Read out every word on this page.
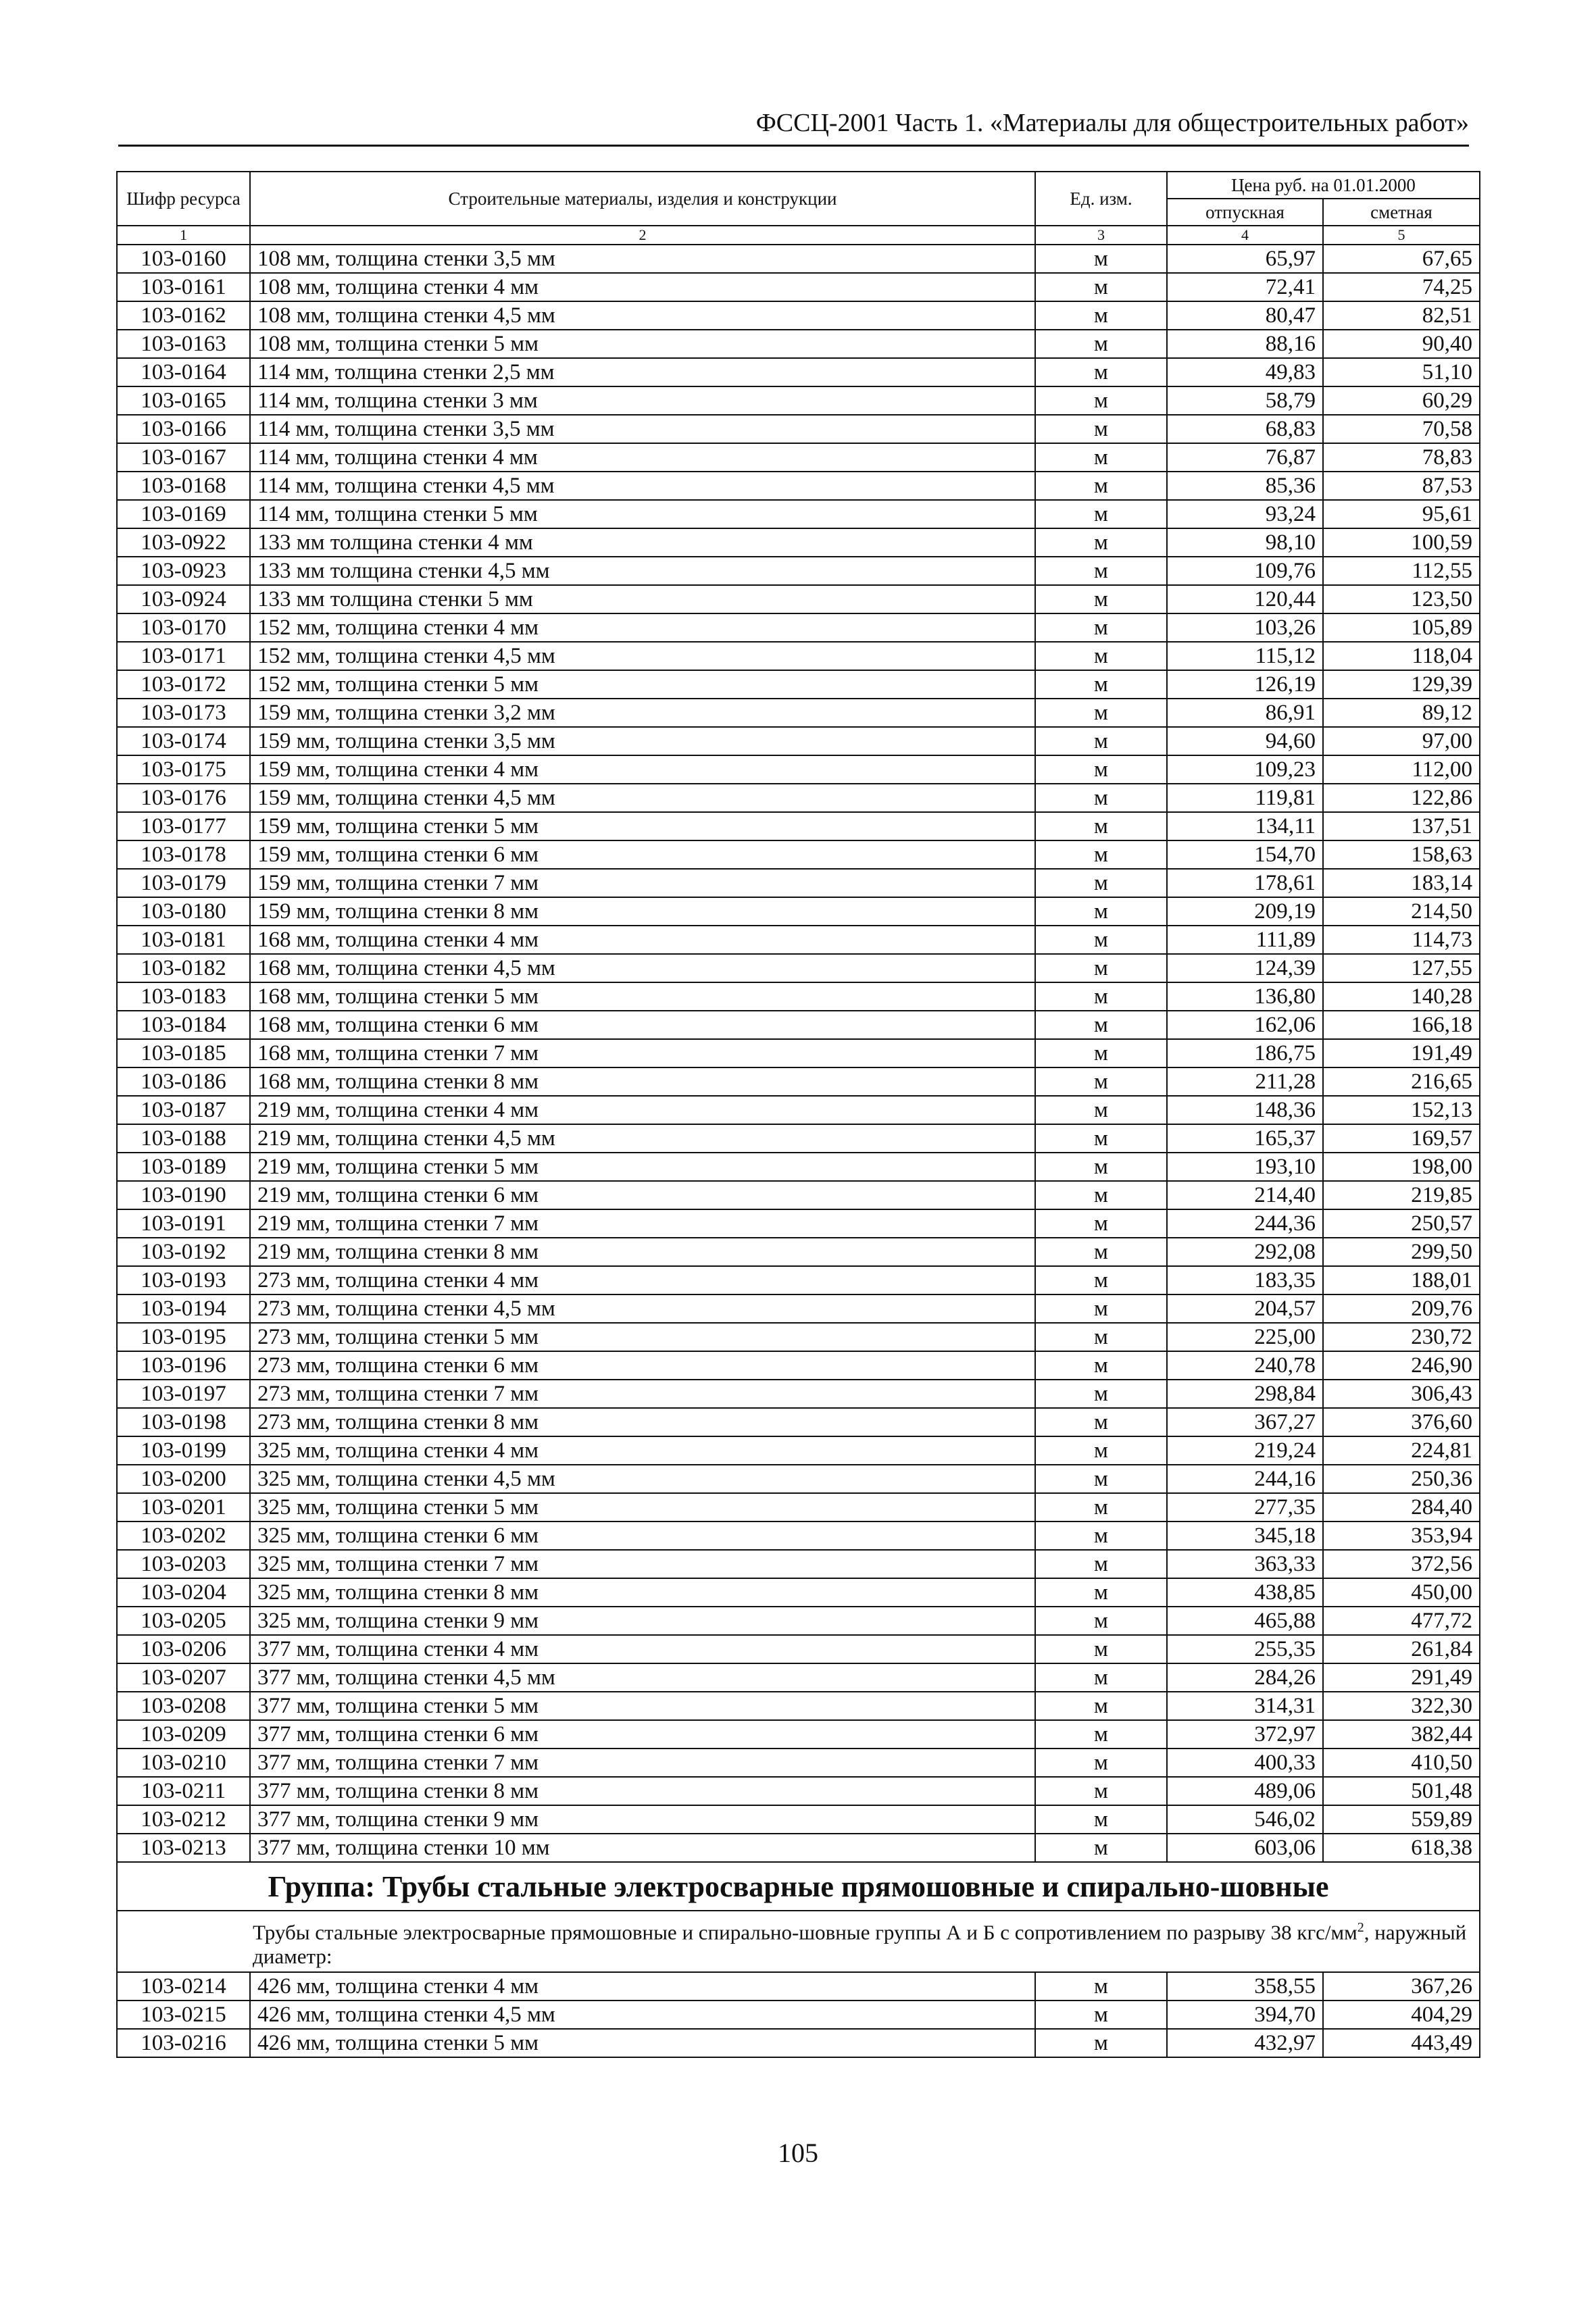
ФССЦ-2001 Часть 1. «Материалы для общестроительных работ»
Шифр ресурса	Строительные материалы, изделия и конструкции	Ед. изм.	Цена руб. на 01.01.2000	
			отпускная	сметная
1	2	3	4	5
103-0160	108 мм, толщина стенки 3,5 мм	м	65,97	67,65
103-0161	108 мм, толщина стенки 4 мм	м	72,41	74,25
103-0162	108 мм, толщина стенки 4,5 мм	м	80,47	82,51
103-0163	108 мм, толщина стенки 5 мм	м	88,16	90,40
103-0164	114 мм, толщина стенки 2,5 мм	м	49,83	51,10
103-0165	114 мм, толщина стенки 3 мм	м	58,79	60,29
103-0166	114 мм, толщина стенки 3,5 мм	м	68,83	70,58
103-0167	114 мм, толщина стенки 4 мм	м	76,87	78,83
103-0168	114 мм, толщина стенки 4,5 мм	м	85,36	87,53
103-0169	114 мм, толщина стенки 5 мм	м	93,24	95,61
103-0922	133 мм толщина стенки 4 мм	м	98,10	100,59
103-0923	133 мм толщина стенки 4,5 мм	м	109,76	112,55
103-0924	133 мм толщина стенки 5 мм	м	120,44	123,50
103-0170	152 мм, толщина стенки 4 мм	м	103,26	105,89
103-0171	152 мм, толщина стенки 4,5 мм	м	115,12	118,04
103-0172	152 мм, толщина стенки 5 мм	м	126,19	129,39
103-0173	159 мм, толщина стенки 3,2 мм	м	86,91	89,12
103-0174	159 мм, толщина стенки 3,5 мм	м	94,60	97,00
103-0175	159 мм, толщина стенки 4 мм	м	109,23	112,00
103-0176	159 мм, толщина стенки 4,5 мм	м	119,81	122,86
103-0177	159 мм, толщина стенки 5 мм	м	134,11	137,51
103-0178	159 мм, толщина стенки 6 мм	м	154,70	158,63
103-0179	159 мм, толщина стенки 7 мм	м	178,61	183,14
103-0180	159 мм, толщина стенки 8 мм	м	209,19	214,50
103-0181	168 мм, толщина стенки 4 мм	м	111,89	114,73
103-0182	168 мм, толщина стенки 4,5 мм	м	124,39	127,55
103-0183	168 мм, толщина стенки 5 мм	м	136,80	140,28
103-0184	168 мм, толщина стенки 6 мм	м	162,06	166,18
103-0185	168 мм, толщина стенки 7 мм	м	186,75	191,49
103-0186	168 мм, толщина стенки 8 мм	м	211,28	216,65
103-0187	219 мм, толщина стенки 4 мм	м	148,36	152,13
103-0188	219 мм, толщина стенки 4,5 мм	м	165,37	169,57
103-0189	219 мм, толщина стенки 5 мм	м	193,10	198,00
103-0190	219 мм, толщина стенки 6 мм	м	214,40	219,85
103-0191	219 мм, толщина стенки 7 мм	м	244,36	250,57
103-0192	219 мм, толщина стенки 8 мм	м	292,08	299,50
103-0193	273 мм, толщина стенки 4 мм	м	183,35	188,01
103-0194	273 мм, толщина стенки 4,5 мм	м	204,57	209,76
103-0195	273 мм, толщина стенки 5 мм	м	225,00	230,72
103-0196	273 мм, толщина стенки 6 мм	м	240,78	246,90
103-0197	273 мм, толщина стенки 7 мм	м	298,84	306,43
103-0198	273 мм, толщина стенки 8 мм	м	367,27	376,60
103-0199	325 мм, толщина стенки 4 мм	м	219,24	224,81
103-0200	325 мм, толщина стенки 4,5 мм	м	244,16	250,36
103-0201	325 мм, толщина стенки 5 мм	м	277,35	284,40
103-0202	325 мм, толщина стенки 6 мм	м	345,18	353,94
103-0203	325 мм, толщина стенки 7 мм	м	363,33	372,56
103-0204	325 мм, толщина стенки 8 мм	м	438,85	450,00
103-0205	325 мм, толщина стенки 9 мм	м	465,88	477,72
103-0206	377 мм, толщина стенки 4 мм	м	255,35	261,84
103-0207	377 мм, толщина стенки 4,5 мм	м	284,26	291,49
103-0208	377 мм, толщина стенки 5 мм	м	314,31	322,30
103-0209	377 мм, толщина стенки 6 мм	м	372,97	382,44
103-0210	377 мм, толщина стенки 7 мм	м	400,33	410,50
103-0211	377 мм, толщина стенки 8 мм	м	489,06	501,48
103-0212	377 мм, толщина стенки 9 мм	м	546,02	559,89
103-0213	377 мм, толщина стенки 10 мм	м	603,06	618,38
Группа: Трубы стальные электросварные прямошовные и спирально-шовные				
Трубы стальные электросварные прямошовные и спирально-шовные группы А и Б с сопротивлением по разрыву 38 кгс/$мм^2$, наружный диаметр:				
103-0214	426 мм, толщина стенки 4 мм	м	358,55	367,26
103-0215	426 мм, толщина стенки 4,5 мм	м	394,70	404,29
103-0216	426 мм, толщина стенки 5 мм	м	432,97	443,49
105
